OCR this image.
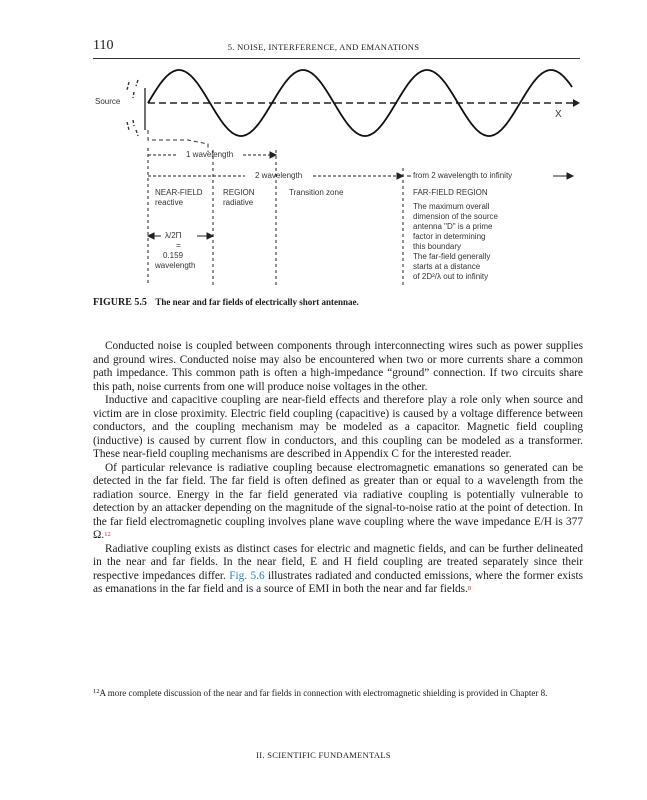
110	5. NOISE, INTERFERENCE, AND EMANATIONS
Source
X
1 wavelength
2 wavelength	from 2 wavelength to infinity
NEAR-FIELD
reactive
REGION
radiative
Transition zone	FAR-FIELD REGION
The maximum overall
dimension of the source
antenna "D" is a prime
factor in determining
this boundary
The far-field generally
starts at a distance
of 2D²/λ out to infinity
λ/2Π
=
0.159
wavelength
FIGURE 5.5 The near and far fields of electrically short antennae.

Conducted noise is coupled between components through interconnecting wires such as power supplies and ground wires. Conducted noise may also be encountered when two or more currents share a common path impedance. This common path is often a high-impedance “ground” connection. If two circuits share this path, noise currents from one will produce noise voltages in the other.

Inductive and capacitive coupling are near-field effects and therefore play a role only when source and victim are in close proximity. Electric field coupling (capacitive) is caused by a voltage difference between conductors, and the coupling mechanism may be modeled as a capacitor. Magnetic field coupling (inductive) is caused by current flow in conductors, and this coupling can be modeled as a transformer. These near-field coupling mechanisms are described in Appendix C for the interested reader.

Of particular relevance is radiative coupling because electromagnetic emanations so generated can be detected in the far field. The far field is often defined as greater than or equal to a wavelength from the radiation source. Energy in the far field generated via radiative coupling is potentially vulnerable to detection by an attacker depending on the magnitude of the signal-to-noise ratio at the point of detection. In the far field electromagnetic coupling involves plane wave coupling where the wave impedance E/H is 377 Ω.$^{12}$

Radiative coupling exists as distinct cases for electric and magnetic fields, and can be further delineated in the near and far fields. In the near field, E and H field coupling are treated separately since their respective impedances differ. Fig. 5.6 illustrates radiated and conducted emissions, where the former exists as emanations in the far field and is a source of EMI in both the near and far fields.$^8$

$^{12}$A more complete discussion of the near and far fields in connection with electromagnetic shielding is provided in Chapter 8.
II. SCIENTIFIC FUNDAMENTALS
